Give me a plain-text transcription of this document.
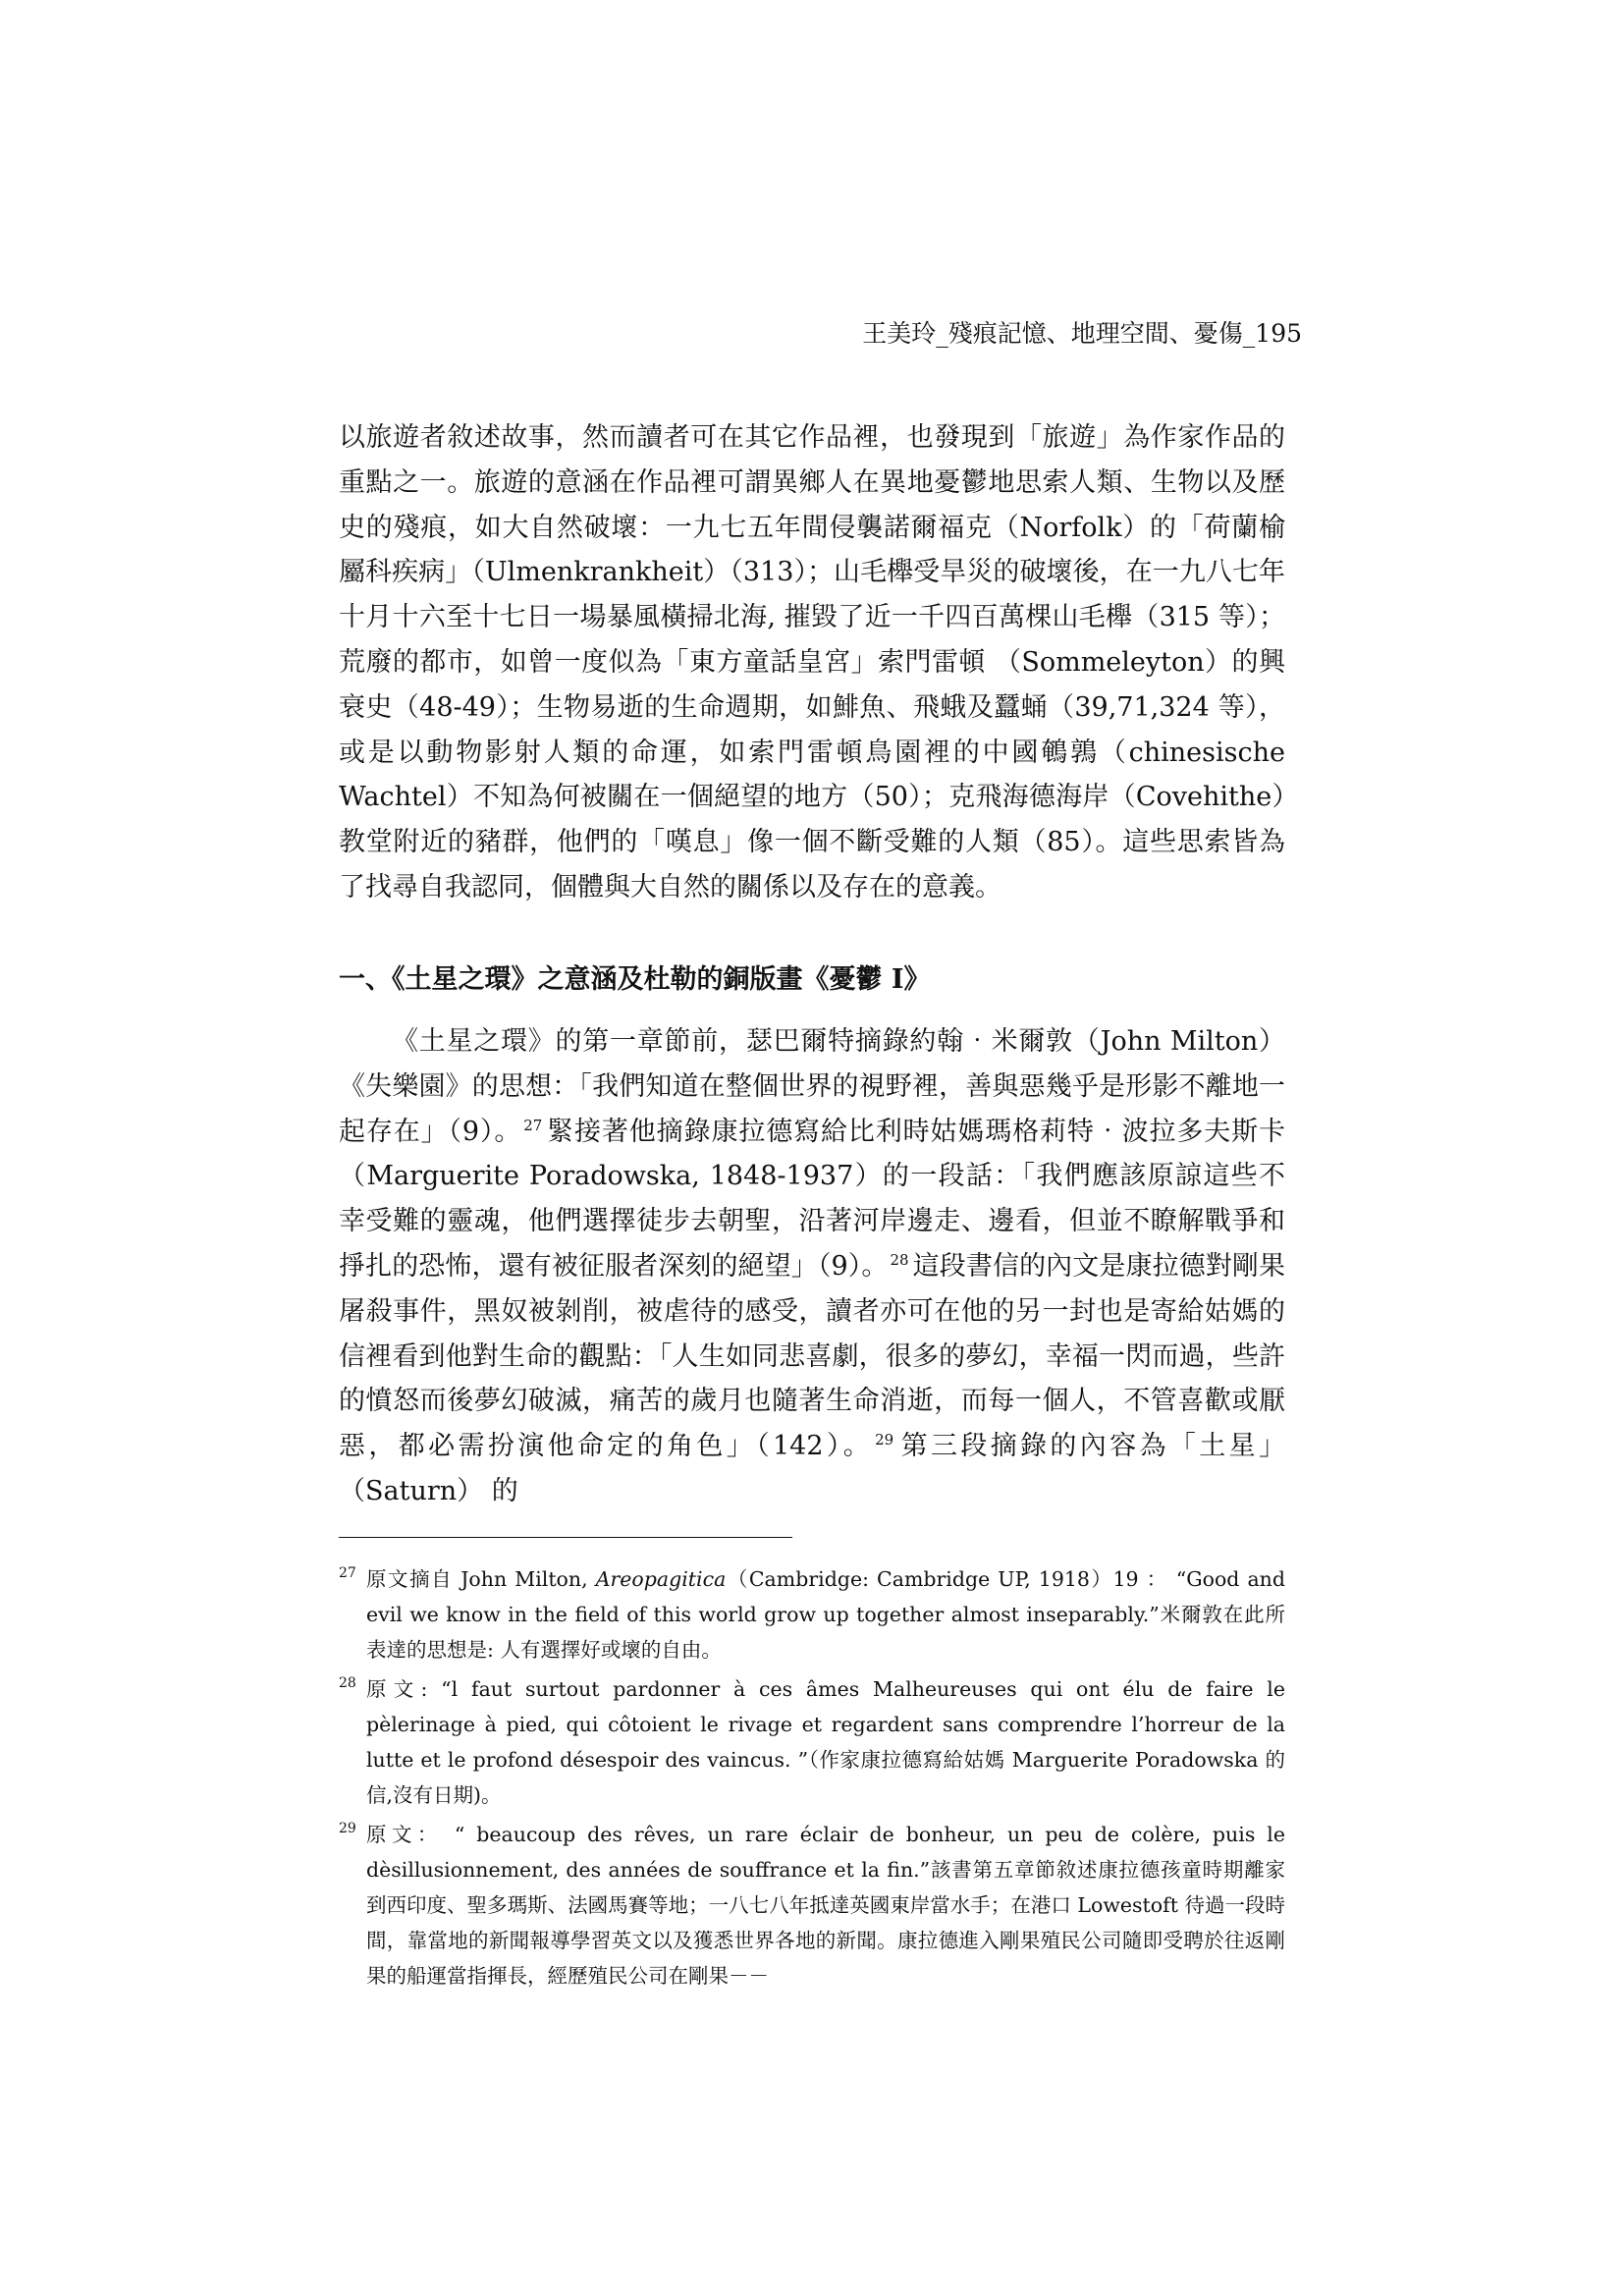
王美玲_殘痕記憶、地理空間、憂傷_195
以旅遊者敘述故事，然而讀者可在其它作品裡，也發現到「旅遊」為作家作品的重點之一。旅遊的意涵在作品裡可謂異鄉人在異地憂鬱地思索人類、生物以及歷史的殘痕，如大自然破壞：一九七五年間侵襲諾爾福克（Norfolk）的「荷蘭榆屬科疾病」（Ulmenkrankheit）（313）；山毛櫸受旱災的破壞後，在一九八七年十月十六至十七日一場暴風橫掃北海, 摧毀了近一千四百萬棵山毛櫸（315 等）；荒廢的都市，如曾一度似為「東方童話皇宮」索門雷頓 （Sommeleyton）的興衰史（48-49）；生物易逝的生命週期，如鯡魚、飛蛾及蠶蛹（39,71,324 等），或是以動物影射人類的命運，如索門雷頓鳥園裡的中國鵪鶉（chinesische Wachtel）不知為何被關在一個絕望的地方（50）；克飛海德海岸（Covehithe）教堂附近的豬群，他們的「嘆息」像一個不斷受難的人類（85）。這些思索皆為了找尋自我認同，個體與大自然的關係以及存在的意義。
一、《土星之環》之意涵及杜勒的銅版畫《憂鬱 I》
《土星之環》的第一章節前，瑟巴爾特摘錄約翰‧米爾敦（John Milton）《失樂園》的思想：「我們知道在整個世界的視野裡，善與惡幾乎是形影不離地一起存在」（9）。 $^{27}$ 緊接著他摘錄康拉德寫給比利時姑媽瑪格莉特‧波拉多夫斯卡（Marguerite Poradowska, 1848-1937）的一段話：「我們應該原諒這些不幸受難的靈魂，他們選擇徒步去朝聖，沿著河岸邊走、邊看，但並不瞭解戰爭和掙扎的恐怖，還有被征服者深刻的絕望」（9）。 $^{28}$ 這段書信的內文是康拉德對剛果屠殺事件，黑奴被剝削，被虐待的感受，讀者亦可在他的另一封也是寄給姑媽的信裡看到他對生命的觀點：「人生如同悲喜劇，很多的夢幻，幸福一閃而過，些許的憤怒而後夢幻破滅，痛苦的歲月也隨著生命消逝，而每一個人，不管喜歡或厭惡，都必需扮演他命定的角色」（142）。 $^{29}$ 第三段摘錄的內容為「土星」（Saturn） 的
27 原文摘自 John Milton, Areopagitica（Cambridge: Cambridge UP, 1918）19 ： “Good and evil we know in the field of this world grow up together almost inseparably.”米爾敦在此所表達的思想是: 人有選擇好或壞的自由。
28 原文: “l faut surtout pardonner à ces âmes Malheureuses qui ont élu de faire le pèlerinage à pied, qui côtoient le rivage et regardent sans comprendre l’horreur de la lutte et le profond désespoir des vaincus. ”（作家康拉德寫給姑媽 Marguerite Poradowska 的信,沒有日期)。
29 原文： “ beaucoup des rêves, un rare éclair de bonheur, un peu de colère, puis le dèsillusionnement, des années de souffrance et la fin.”該書第五章節敘述康拉德孩童時期離家到西印度、聖多瑪斯、法國馬賽等地；一八七八年抵達英國東岸當水手；在港口 Lowestoft 待過一段時間，靠當地的新聞報導學習英文以及獲悉世界各地的新聞。康拉德進入剛果殖民公司隨即受聘於往返剛果的船運當指揮長，經歷殖民公司在剛果－－
